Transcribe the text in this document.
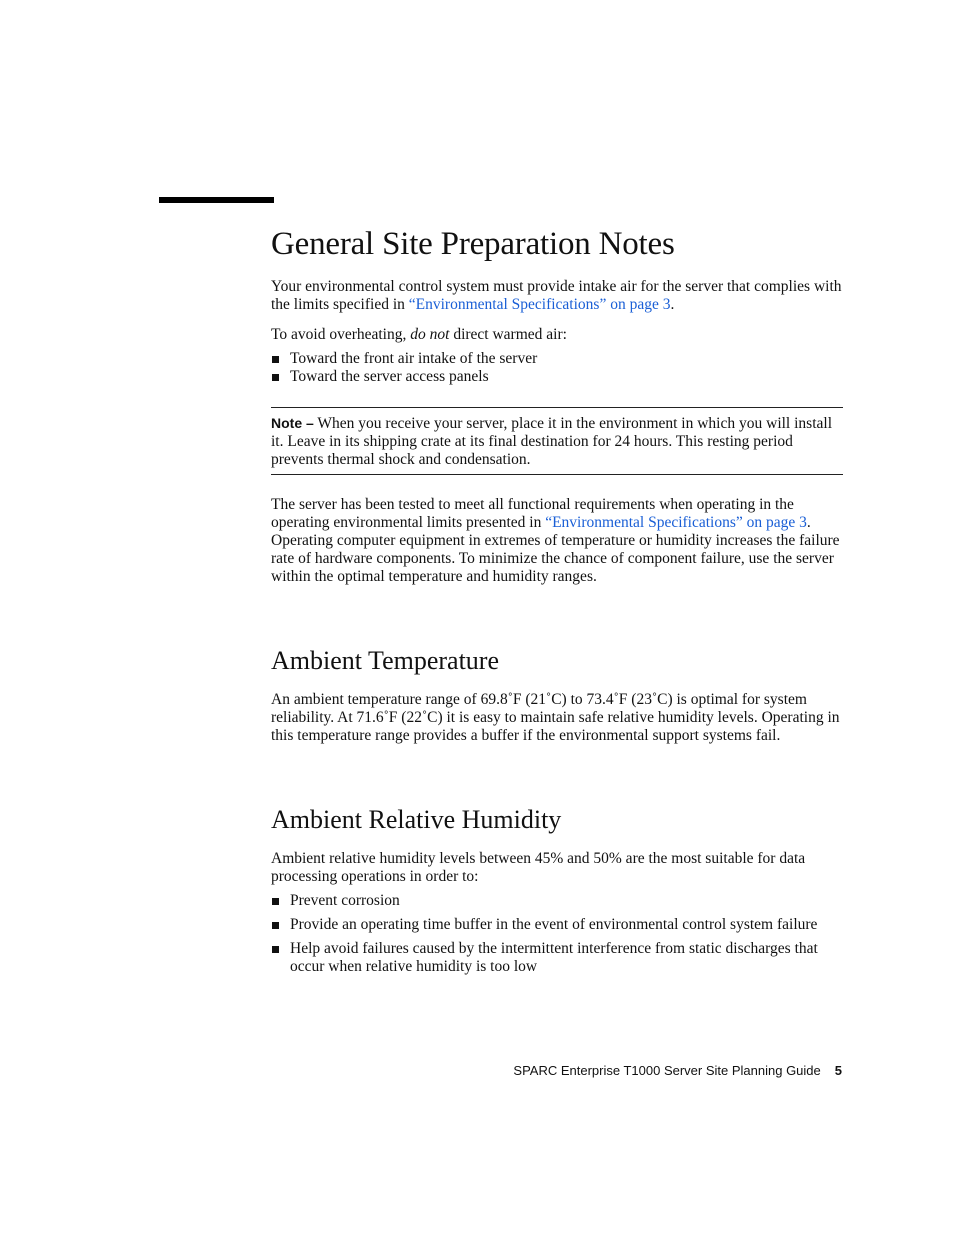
General Site Preparation Notes

Your environmental control system must provide intake air for the server that complies with the limits specified in “Environmental Specifications” on page 3.

To avoid overheating, do not direct warmed air:

Toward the front air intake of the server
Toward the server access panels

Note – When you receive your server, place it in the environment in which you will install it. Leave in its shipping crate at its final destination for 24 hours. This resting period prevents thermal shock and condensation.

The server has been tested to meet all functional requirements when operating in the operating environmental limits presented in “Environmental Specifications” on page 3. Operating computer equipment in extremes of temperature or humidity increases the failure rate of hardware components. To minimize the chance of component failure, use the server within the optimal temperature and humidity ranges.

Ambient Temperature

An ambient temperature range of 69.8˚F (21˚C) to 73.4˚F (23˚C) is optimal for system reliability. At 71.6˚F (22˚C) it is easy to maintain safe relative humidity levels. Operating in this temperature range provides a buffer if the environmental support systems fail.

Ambient Relative Humidity

Ambient relative humidity levels between 45% and 50% are the most suitable for data processing operations in order to:

Prevent corrosion
Provide an operating time buffer in the event of environmental control system failure
Help avoid failures caused by the intermittent interference from static discharges that occur when relative humidity is too low
SPARC Enterprise T1000 Server Site Planning Guide 5
